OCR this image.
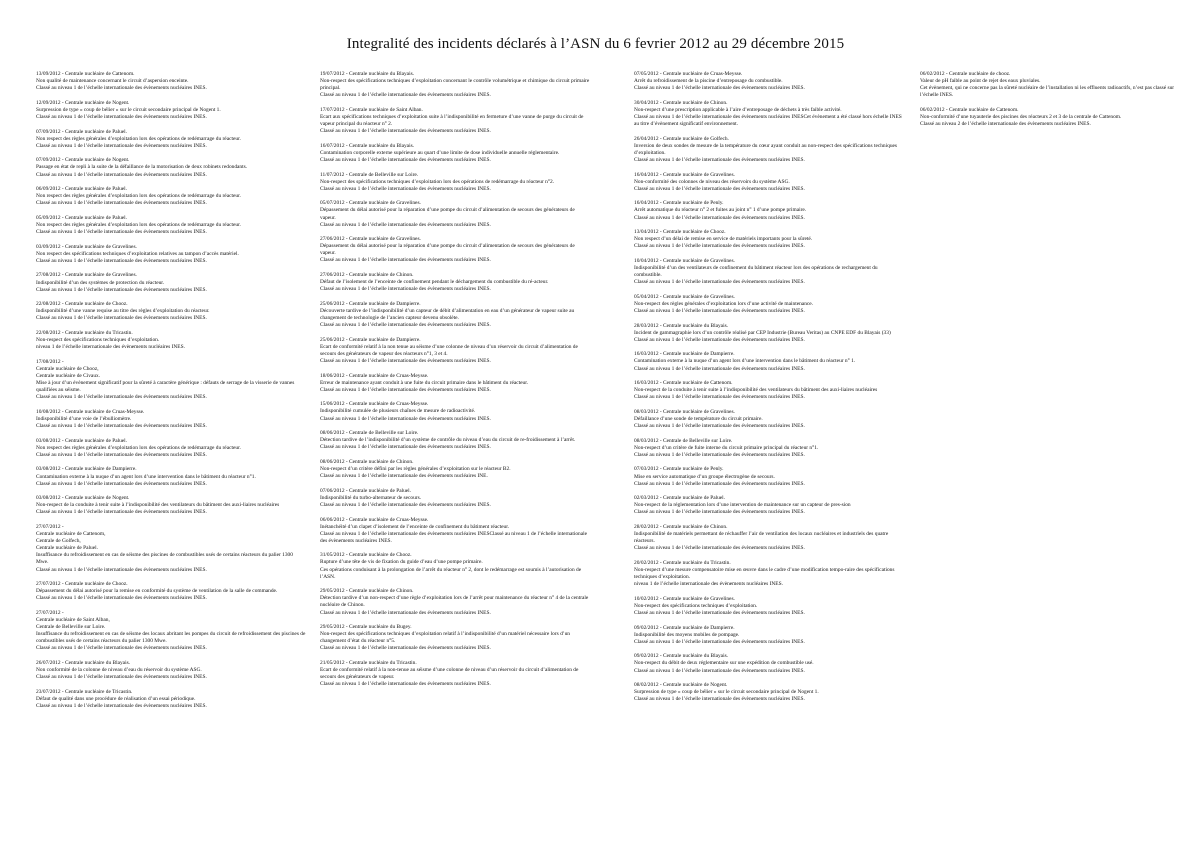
Integralité des incidents déclarés à l’ASN du 6 fevrier 2012 au 29 décembre 2015
13/09/2012 - Centrale nucléaire de Cattenom.
Non qualité de maintenance concernant le circuit d’aspersion enceinte.
Classé au niveau 1 de l’échelle internationale des évènements nucléaires INES.
12/09/2012 - Centrale nucléaire de Nogent.
Surpression de type « coup de bélier » sur le circuit secondaire principal de Nogent 1.
Classé au niveau 1 de l’échelle internationale des évènements nucléaires INES.
07/09/2012 - Centrale nucléaire de Paluel.
Non respect des règles générales d’exploitation lors des opérations de redémarrage du réacteur.
Classé au niveau 1 de l’échelle internationale des évènements nucléaires INES.
07/09/2012 - Centrale nucléaire de Nogent.
Passage en état de repli à la suite de la défaillance de la motorisation de deux robinets redondants.
Classé au niveau 1 de l’échelle internationale des évènements nucléaires INES.
06/09/2012 - Centrale nucléaire de Paluel.
Non respect des règles générales d’exploitation lors des opérations de redémarrage du réacteur.
Classé au niveau 1 de l’échelle internationale des évènements nucléaires INES.
05/09/2012 - Centrale nucléaire de Paluel.
Non respect des règles générales d’exploitation lors des opérations de redémarrage du réacteur.
Classé au niveau 1 de l’échelle internationale des évènements nucléaires INES.
03/09/2012 - Centrale nucléaire de Gravelines.
Non respect des spécifications techniques d’exploitation relatives au tampon d’accès matériel.
Classé au niveau 1 de l’échelle internationale des évènements nucléaires INES.
27/08/2012 - Centrale nucléaire de Gravelines.
Indisponibilité d’un des systèmes de protection du réacteur.
Classé au niveau 1 de l’échelle internationale des évènements nucléaires INES.
22/08/2012 - Centrale nucléaire de Chooz.
Indisponibilité d’une vanne requise au titre des règles d’exploitation du réacteur.
Classé au niveau 1 de l’échelle internationale des évènements nucléaires INES.
22/08/2012 - Centrale nucléaire du Tricastin.
Non-respect des spécifications techniques d’exploitation.
niveau 1 de l’échelle internationale des évènements nucléaires INES.
17/08/2012 -
Centrale nucléaire de Chooz,
Centrale nucléaire de Civaux.
Mise à jour d’un évènement significatif pour la sûreté à caractère générique : défauts de serrage de la visserie de vannes qualifiées au séisme.
Classé au niveau 1 de l’échelle internationale des évènements nucléaires INES.
10/08/2012 - Centrale nucléaire de Cruas-Meysse.
Indisponibilité d’une voie de l’ébulliomètre.
Classé au niveau 1 de l’échelle internationale des évènements nucléaires INES.
03/08/2012 - Centrale nucléaire de Paluel.
Non respect des règles générales d’exploitation lors des opérations de redémarrage du réacteur.
Classé au niveau 1 de l’échelle internationale des évènements nucléaires INES.
03/08/2012 - Centrale nucléaire de Dampierre.
Contamination externe à la nuque d’un agent lors d’une intervention dans le bâtiment du réacteur n°1.
Classé au niveau 1 de l’échelle internationale des évènements nucléaires INES.
03/08/2012 - Centrale nucléaire de Nogent.
Non-respect de la conduite à tenir suite à l’indisponibilité des ventilateurs du bâtiment des auxi-liaires nucléaires
Classé au niveau 1 de l’échelle internationale des évènements nucléaires INES.
27/07/2012 -
Centrale nucléaire de Cattenom,
Centrale de Golfech,
Centrale nucléaire de Paluel.
Insuffisance du refroidissement en cas de séisme des piscines de combustibles usés de certains réacteurs du palier 1300 Mwe.
Classé au niveau 1 de l’échelle internationale des évènements nucléaires INES.
27/07/2012 - Centrale nucléaire de Chooz.
Dépassement du délai autorisé pour la remise en conformité du système de ventilation de la salle de commande.
Classé au niveau 1 de l’échelle internationale des évènements nucléaires INES.
27/07/2012 -
Centrale nucléaire de Saint Alban,
Centrale de Belleville sur Loire.
Insuffisance du refroidissement en cas de séisme des locaux abritant les pompes du circuit de refroidissement des piscines de combustibles usés de certains réacteurs du palier 1300 Mwe.
Classé au niveau 1 de l’échelle internationale des évènements nucléaires INES.
26/07/2012 - Centrale nucléaire du Blayais.
Non conformité de la colonne de niveau d’eau du réservoir du système ASG.
Classé au niveau 1 de l’échelle internationale des évènements nucléaires INES.
23/07/2012 - Centrale nucléaire de Tricastin.
Défaut de qualité dans une procédure de réalisation d’un essai périodique.
Classé au niveau 1 de l’échelle internationale des évènements nucléaires INES.
19/07/2012 - Centrale nucléaire du Blayais.
Non-respect des spécifications techniques d’exploitation concernant le contrôle volumétrique et chimique du circuit primaire principal.
Classé au niveau 1 de l’échelle internationale des évènements nucléaires INES.
17/07/2012 - Centrale nucléaire de Saint Alban.
Ecart aux spécifications techniques d’exploitation suite à l’indisponibilité en fermeture d’une vanne de purge du circuit de vapeur principal du réacteur n° 2.
Classé au niveau 1 de l’échelle internationale des évènements nucléaires INES.
16/07/2012 - Centrale nucléaire du Blayais.
Contamination corporelle externe supérieure au quart d’une limite de dose individuelle annuelle réglementaire.
Classé au niveau 1 de l’échelle internationale des évènements nucléaires INES.
11/07/2012 - Centrale de Belleville sur Loire.
Non-respect des spécifications techniques d’exploitation lors des opérations de redémarrage du réacteur n°2.
Classé au niveau 1 de l’échelle internationale des évènements nucléaires INES.
05/07/2012 - Centrale nucléaire de Gravelines.
Dépassement du délai autorisé pour la réparation d’une pompe du circuit d’alimentation de secours des générateurs de vapeur.
Classé au niveau 1 de l’échelle internationale des évènements nucléaires INES.
27/06/2012 - Centrale nucléaire de Gravelines.
Dépassement du délai autorisé pour la réparation d’une pompe du circuit d’alimentation de secours des générateurs de vapeur.
Classé au niveau 1 de l’échelle internationale des évènements nucléaires INES.
27/06/2012 - Centrale nucléaire de Chinon.
Défaut de l’isolement de l’enceinte de confinement pendant le déchargement du combustible du ré-acteur.
Classé au niveau 1 de l’échelle internationale des évènements nucléaires INES.
25/06/2012 - Centrale nucléaire de Dampierre.
Découverte tardive de l’indisponibilité d’un capteur de débit d’alimentation en eau d’un générateur de vapeur suite au changement de technologie de l’ancien capteur devenu obsolète.
Classé au niveau 1 de l’échelle internationale des évènements nucléaires INES.
25/06/2012 - Centrale nucléaire de Dampierre.
Ecart de conformité relatif à la non tenue au séisme d’une colonne de niveau d’un réservoir du circuit d’alimentation de secours des générateurs de vapeur des réacteurs n°1, 3 et 4.
Classé au niveau 1 de l’échelle internationale des évènements nucléaires INES.
18/06/2012 - Centrale nucléaire de Cruas-Meysse.
Erreur de maintenance ayant conduit à une fuite du circuit primaire dans le bâtiment du réacteur.
Classé au niveau 1 de l’échelle internationale des évènements nucléaires INES.
15/06/2012 - Centrale nucléaire de Cruas-Meysse.
Indisponibilité cumulée de plusieurs chaînes de mesure de radioactivité.
Classé au niveau 1 de l’échelle internationale des évènements nucléaires INES.
08/06/2012 - Centrale de Belleville sur Loire.
Détection tardive de l’indisponibilité d’un système de contrôle du niveau d’eau du circuit de re-froidissement à l’arrêt.
Classé au niveau 1 de l’échelle internationale des évènements nucléaires INES.
08/06/2012 - Centrale nucléaire de Chinon.
Non-respect d’un critère défini par les règles générales d’exploitation sur le réacteur B2.
Classé au niveau 1 de l’échelle internationale des évènements nucléaires INE.
07/06/2012 - Centrale nucléaire de Paluel.
Indisponibilité du turbo-alternateur de secours.
Classé au niveau 1 de l’échelle internationale des évènements nucléaires INES.
06/06/2012 - Centrale nucléaire de Cruas-Meysse.
Inétanchéité d’un clapet d’isolement de l’enceinte de confinement du bâtiment réacteur.
Classé au niveau 1 de l’échelle internationale des évènements nucléaires INESClassé au niveau 1 de l’échelle internationale des évènements nucléaires INES.
31/05/2012 - Centrale nucléaire de Chooz.
Rupture d’une tête de vis de fixation du guide d’eau d’une pompe primaire.
Ces opérations conduisant à la prolongation de l’arrêt du réacteur n° 2, dont le redémarrage est soumis à l’autorisation de l’ASN.
29/05/2012 - Centrale nucléaire de Chinon.
Détection tardive d’un non-respect d’une règle d’exploitation lors de l’arrêt pour maintenance du réacteur n° 4 de la centrale nucléaire de Chinon.
Classé au niveau 1 de l’échelle internationale des évènements nucléaires INES.
29/05/2012 - Centrale nucléaire du Bugey.
Non-respect des spécifications techniques d’exploitation relatif à l’indisponibilité d’un matériel nécessaire lors d’un changement d’état du réacteur n°5.
Classé au niveau 1 de l’échelle internationale des évènements nucléaires INES.
21/05/2012 - Centrale nucléaire du Tricastin.
Ecart de conformité relatif à la non-tenue au séisme d’une colonne de niveau d’un réservoir du circuit d’alimentation de secours des générateurs de vapeur.
Classé au niveau 1 de l’échelle internationale des évènements nucléaires INES.
07/05/2012 - Centrale nucléaire de Cruas-Meysse.
Arrêt du refroidissement de la piscine d’entreposage du combustible.
Classé au niveau 1 de l’échelle internationale des évènements nucléaires INES.
30/04/2012 - Centrale nucléaire de Chinon.
Non-respect d’une prescription applicable à l’aire d’entreposage de déchets à très faible activité.
Classé au niveau 1 de l’échelle internationale des évènements nucléaires INESCet évènement a été classé hors échelle INES au titre d’évènement significatif environnement.
26/04/2012 - Centrale nucléaire de Golfech.
Inversion de deux sondes de mesure de la température du cœur ayant conduit au non-respect des spécifications techniques d’exploitation.
Classé au niveau 1 de l’échelle internationale des évènements nucléaires INES.
16/04/2012 - Centrale nucléaire de Gravelines.
Non-conformité des colonnes de niveau des réservoirs du système ASG.
Classé au niveau 1 de l’échelle internationale des évènements nucléaires INES.
16/04/2012 - Centrale nucléaire de Penly.
Arrêt automatique du réacteur n° 2 et fuites au joint n° 1 d’une pompe primaire.
Classé au niveau 1 de l’échelle internationale des évènements nucléaires INES.
13/04/2012 - Centrale nucléaire de Chooz.
Non respect d’un délai de remise en service de matériels importants pour la sûreté.
Classé au niveau 1 de l’échelle internationale des évènements nucléaires INES.
10/04/2012 - Centrale nucléaire de Gravelines.
Indisponibilité d’un des ventilateurs de confinement du bâtiment réacteur lors des opérations de rechargement du combustible.
Classé au niveau 1 de l’échelle internationale des évènements nucléaires INES.
05/04/2012 - Centrale nucléaire de Gravelines.
Non-respect des règles générales d’exploitation lors d’une activité de maintenance.
Classé au niveau 1 de l’échelle internationale des évènements nucléaires INES.
28/03/2012 - Centrale nucléaire du Blayais.
Incident de gammagraphie lors d’un contrôle réalisé par CEP Industrie (Bureau Veritas) au CNPE EDF du Blayais (33)
Classé au niveau 1 de l’échelle internationale des évènements nucléaires INES.
16/03/2012 - Centrale nucléaire de Dampierre.
Contamination externe à la nuque d’un agent lors d’une intervention dans le bâtiment du réacteur n° 1.
Classé au niveau 1 de l’échelle internationale des évènements nucléaires INES.
16/03/2012 - Centrale nucléaire de Cattenom.
Non-respect de la conduite à tenir suite à l’indisponibilité des ventilateurs du bâtiment des auxi-liaires nucléaires
Classé au niveau 1 de l’échelle internationale des évènements nucléaires INES.
08/03/2012 - Centrale nucléaire de Gravelines.
Défaillance d’une sonde de température du circuit primaire.
Classé au niveau 1 de l’échelle internationale des évènements nucléaires INES.
08/03/2012 - Centrale de Belleville sur Loire.
Non-respect d’un critère de fuite interne du circuit primaire principal du réacteur n°1.
Classé au niveau 1 de l’échelle internationale des évènements nucléaires INES.
07/03/2012 - Centrale nucléaire de Penly.
Mise en service automatique d’un groupe électrogène de secours.
Classé au niveau 1 de l’échelle internationale des évènements nucléaires INES.
02/03/2012 - Centrale nucléaire de Paluel.
Non-respect de la réglementation lors d’une intervention de maintenance sur un capteur de pres-sion
Classé au niveau 1 de l’échelle internationale des évènements nucléaires INES.
28/02/2012 - Centrale nucléaire de Chinon.
Indisponibilité de matériels permettant de réchauffer l’air de ventilation des locaux nucléaires et industriels des quatre réacteurs.
Classé au niveau 1 de l’échelle internationale des évènements nucléaires INES.
20/02/2012 - Centrale nucléaire du Tricastin.
Non-respect d’une mesure compensatoire mise en œuvre dans le cadre d’une modification tempo-raire des spécifications techniques d’exploitation.
niveau 1 de l’échelle internationale des évènements nucléaires INES.
10/02/2012 - Centrale nucléaire de Gravelines.
Non-respect des spécifications techniques d’exploitation.
Classé au niveau 1 de l’échelle internationale des évènements nucléaires INES.
09/02/2012 - Centrale nucléaire de Dampierre.
Indisponibilité des moyens mobiles de pompage.
Classé au niveau 1 de l’échelle internationale des évènements nucléaires INES.
09/02/2012 - Centrale nucléaire du Blayais.
Non-respect du débit de deux réglementaire sur une expédition de combustible usé.
Classé au niveau 1 de l’échelle internationale des évènements nucléaires INES.
08/02/2012 - Centrale nucléaire de Nogent.
Surpression de type « coup de bélier » sur le circuit secondaire principal de Nogent 1.
Classé au niveau 1 de l’échelle internationale des évènements nucléaires INES.
06/02/2012 - Centrale nucléaire de chooz.
Valeur de pH faible au point de rejet des eaux pluviales.
Cet évènement, qui ne concerne pas la sûreté nucléaire de l’installation ni les effluents radioactifs, n’est pas classé sur l’échelle INES.
06/02/2012 - Centrale nucléaire de Cattenom.
Non-conformité d’une tuyauterie des piscines des réacteurs 2 et 3 de la centrale de Cattenom.
Classé au niveau 2 de l’échelle internationale des évènements nucléaires INES.
